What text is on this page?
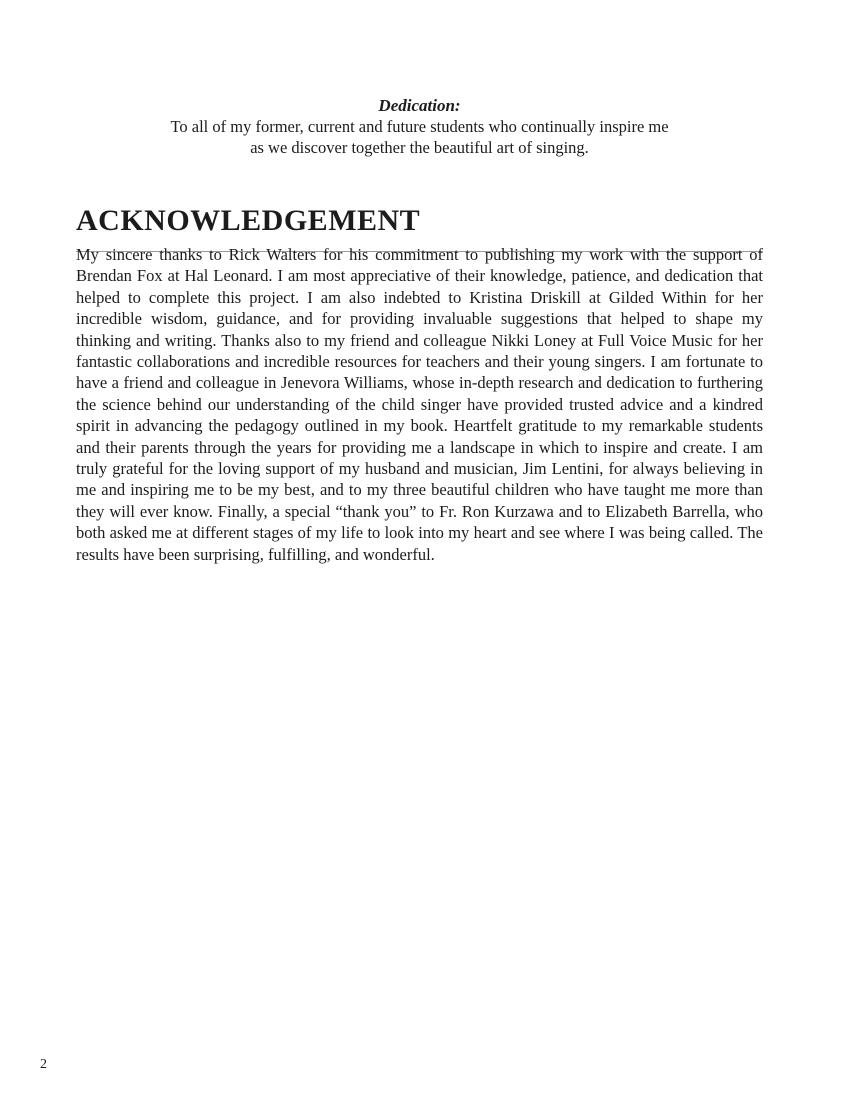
Dedication:
To all of my former, current and future students who continually inspire me
as we discover together the beautiful art of singing.
ACKNOWLEDGEMENT

My sincere thanks to Rick Walters for his commitment to publishing my work with the support of Brendan Fox at Hal Leonard. I am most appreciative of their knowledge, patience, and dedication that helped to complete this project. I am also indebted to Kristina Driskill at Gilded Within for her incredible wisdom, guidance, and for providing invaluable suggestions that helped to shape my thinking and writing. Thanks also to my friend and colleague Nikki Loney at Full Voice Music for her fantastic collaborations and incredible resources for teachers and their young singers. I am fortunate to have a friend and colleague in Jenevora Williams, whose in-depth research and dedication to furthering the science behind our understanding of the child singer have provided trusted advice and a kindred spirit in advancing the pedagogy outlined in my book. Heartfelt gratitude to my remarkable students and their parents through the years for providing me a landscape in which to inspire and create. I am truly grateful for the loving support of my husband and musician, Jim Lentini, for always believing in me and inspiring me to be my best, and to my three beautiful children who have taught me more than they will ever know. Finally, a special “thank you” to Fr. Ron Kurzawa and to Elizabeth Barrella, who both asked me at different stages of my life to look into my heart and see where I was being called. The results have been surprising, fulfilling, and wonderful.

2
